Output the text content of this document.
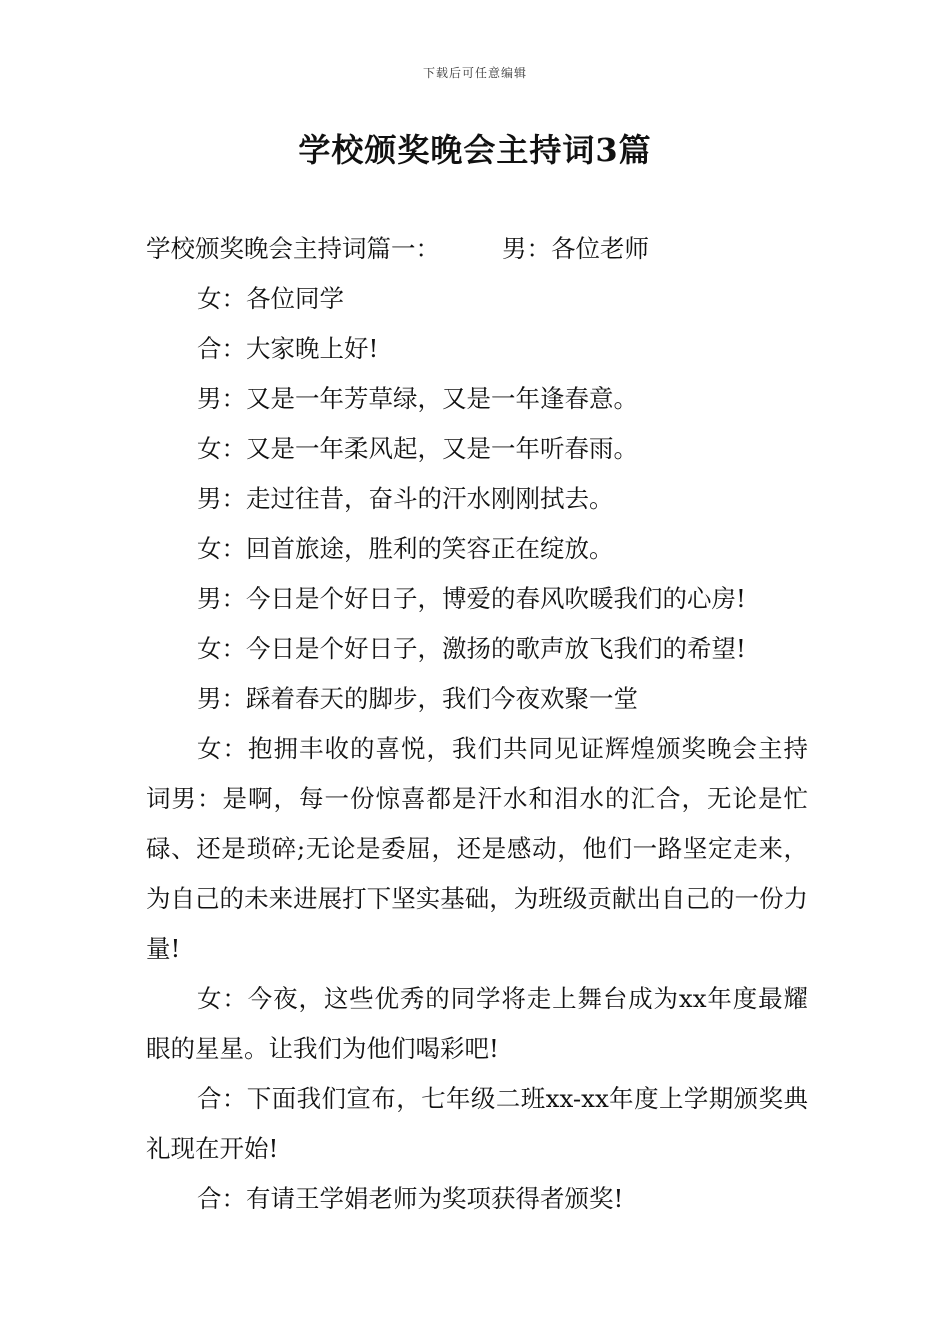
下载后可任意编辑
学校颁奖晚会主持词3篇

学校颁奖晚会主持词篇一：	男：各位老师

女：各位同学

合：大家晚上好!

男：又是一年芳草绿，又是一年逢春意。

女：又是一年柔风起，又是一年听春雨。

男：走过往昔，奋斗的汗水刚刚拭去。

女：回首旅途，胜利的笑容正在绽放。

男：今日是个好日子，博爱的春风吹暖我们的心房!

女：今日是个好日子，激扬的歌声放飞我们的希望!

男：踩着春天的脚步，我们今夜欢聚一堂

女：抱拥丰收的喜悦，我们共同见证辉煌颁奖晚会主持词男：是啊，每一份惊喜都是汗水和泪水的汇合，无论是忙碌、还是琐碎;无论是委屈，还是感动，他们一路坚定走来，为自己的未来进展打下坚实基础，为班级贡献出自己的一份力量!

女：今夜，这些优秀的同学将走上舞台成为xx年度最耀眼的星星。让我们为他们喝彩吧!

合：下面我们宣布，七年级二班xx-xx年度上学期颁奖典礼现在开始!

合：有请王学娟老师为奖项获得者颁奖!
